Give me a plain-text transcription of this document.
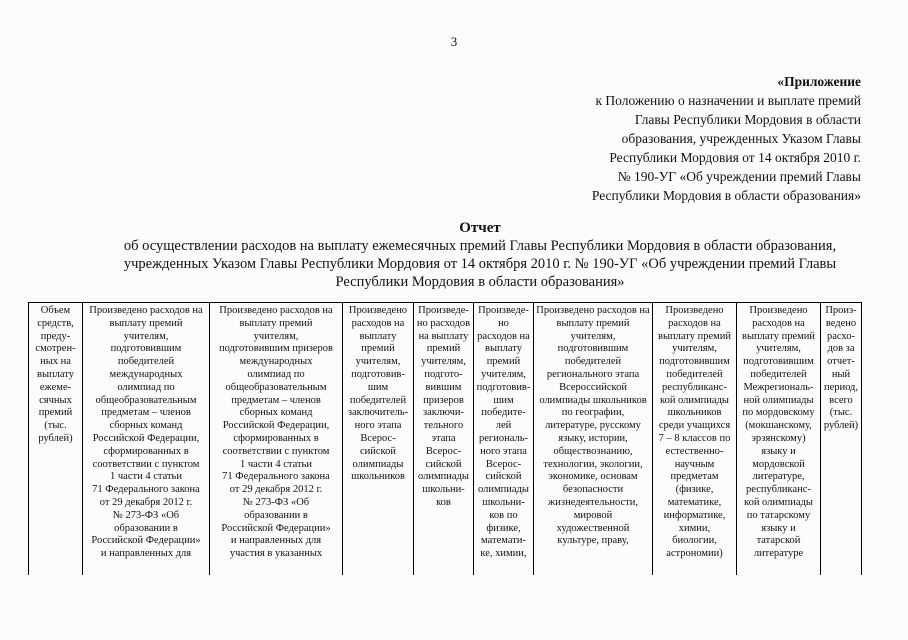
3
«Приложение
к Положению о назначении и выплате премий
Главы Республики Мордовия в области
образования, учрежденных Указом Главы
Республики Мордовия от 14 октября 2010 г.
№ 190-УГ «Об учреждении премий Главы
Республики Мордовия в области образования»
Отчет
об осуществлении расходов на выплату ежемесячных премий Главы Республики Мордовия в области образования,
учрежденных Указом Главы Республики Мордовия от 14 октября 2010 г. № 190-УГ «Об учреждении премий Главы
Республики Мордовия в области образования»
Объем
средств,
преду-
смотрен-
ных на
выплату
ежеме-
сячных
премий
(тыс.
рублей)

Произведено расходов на
выплату премий
учителям,
подготовившим
победителей
международных
олимпиад по
общеобразовательным
предметам – членов
сборных команд
Российской Федерации,
сформированных в
соответствии с пунктом
1 части 4 статьи
71 Федерального закона
от 29 декабря 2012 г.
№ 273-ФЗ «Об
образовании в
Российской Федерации»
и направленных для

Произведено расходов на
выплату премий
учителям,
подготовившим призеров
международных
олимпиад по
общеобразовательным
предметам – членов
сборных команд
Российской Федерации,
сформированных в
соответствии с пунктом
1 части 4 статьи
71 Федерального закона
от 29 декабря 2012 г.
№ 273-ФЗ «Об
образовании в
Российской Федерации»
и направленных для
участия в указанных

Произведено
расходов на
выплату
премий
учителям,
подготовив-
шим
победителей
заключитель-
ного этапа
Всерос-
сийской
олимпиады
школьников

Произведе-
но расходов
на выплату
премий
учителям,
подгото-
вившим
призеров
заключи-
тельного
этапа
Всерос-
сийской
олимпиады
школьни-
ков

Произведе-
но
расходов на
выплату
премий
учителям,
подготовив-
шим
победите-
лей
региональ-
ного этапа
Всерос-
сийской
олимпиады
школьни-
ков по
физике,
математи-
ке, химии,

Произведено расходов на
выплату премий
учителям,
подготовившим
победителей
регионального этапа
Всероссийской
олимпиады школьников
по географии,
литературе, русскому
языку, истории,
обществознанию,
технологии, экологии,
экономике, основам
безопасности
жизнедеятельности,
мировой
художественной
культуре, праву,

Произведено
расходов на
выплату премий
учителям,
подготовившим
победителей
республиканс-
кой олимпиады
школьников
среди учащихся
7 – 8 классов по
естественно-
научным
предметам
(физике,
математике,
информатике,
химии,
биологии,
астрономии)

Произведено
расходов на
выплату премий
учителям,
подготовившим
победителей
Межрегиональ-
ной олимпиады
по мордовскому
(мокшанскому,
эрзянскому)
языку и
мордовской
литературе,
республиканс-
кой олимпиады
по татарскому
языку и
татарской
литературе

Произ-
ведено
расхо-
дов за
отчет-
ный
период,
всего
(тыс.
рублей)
